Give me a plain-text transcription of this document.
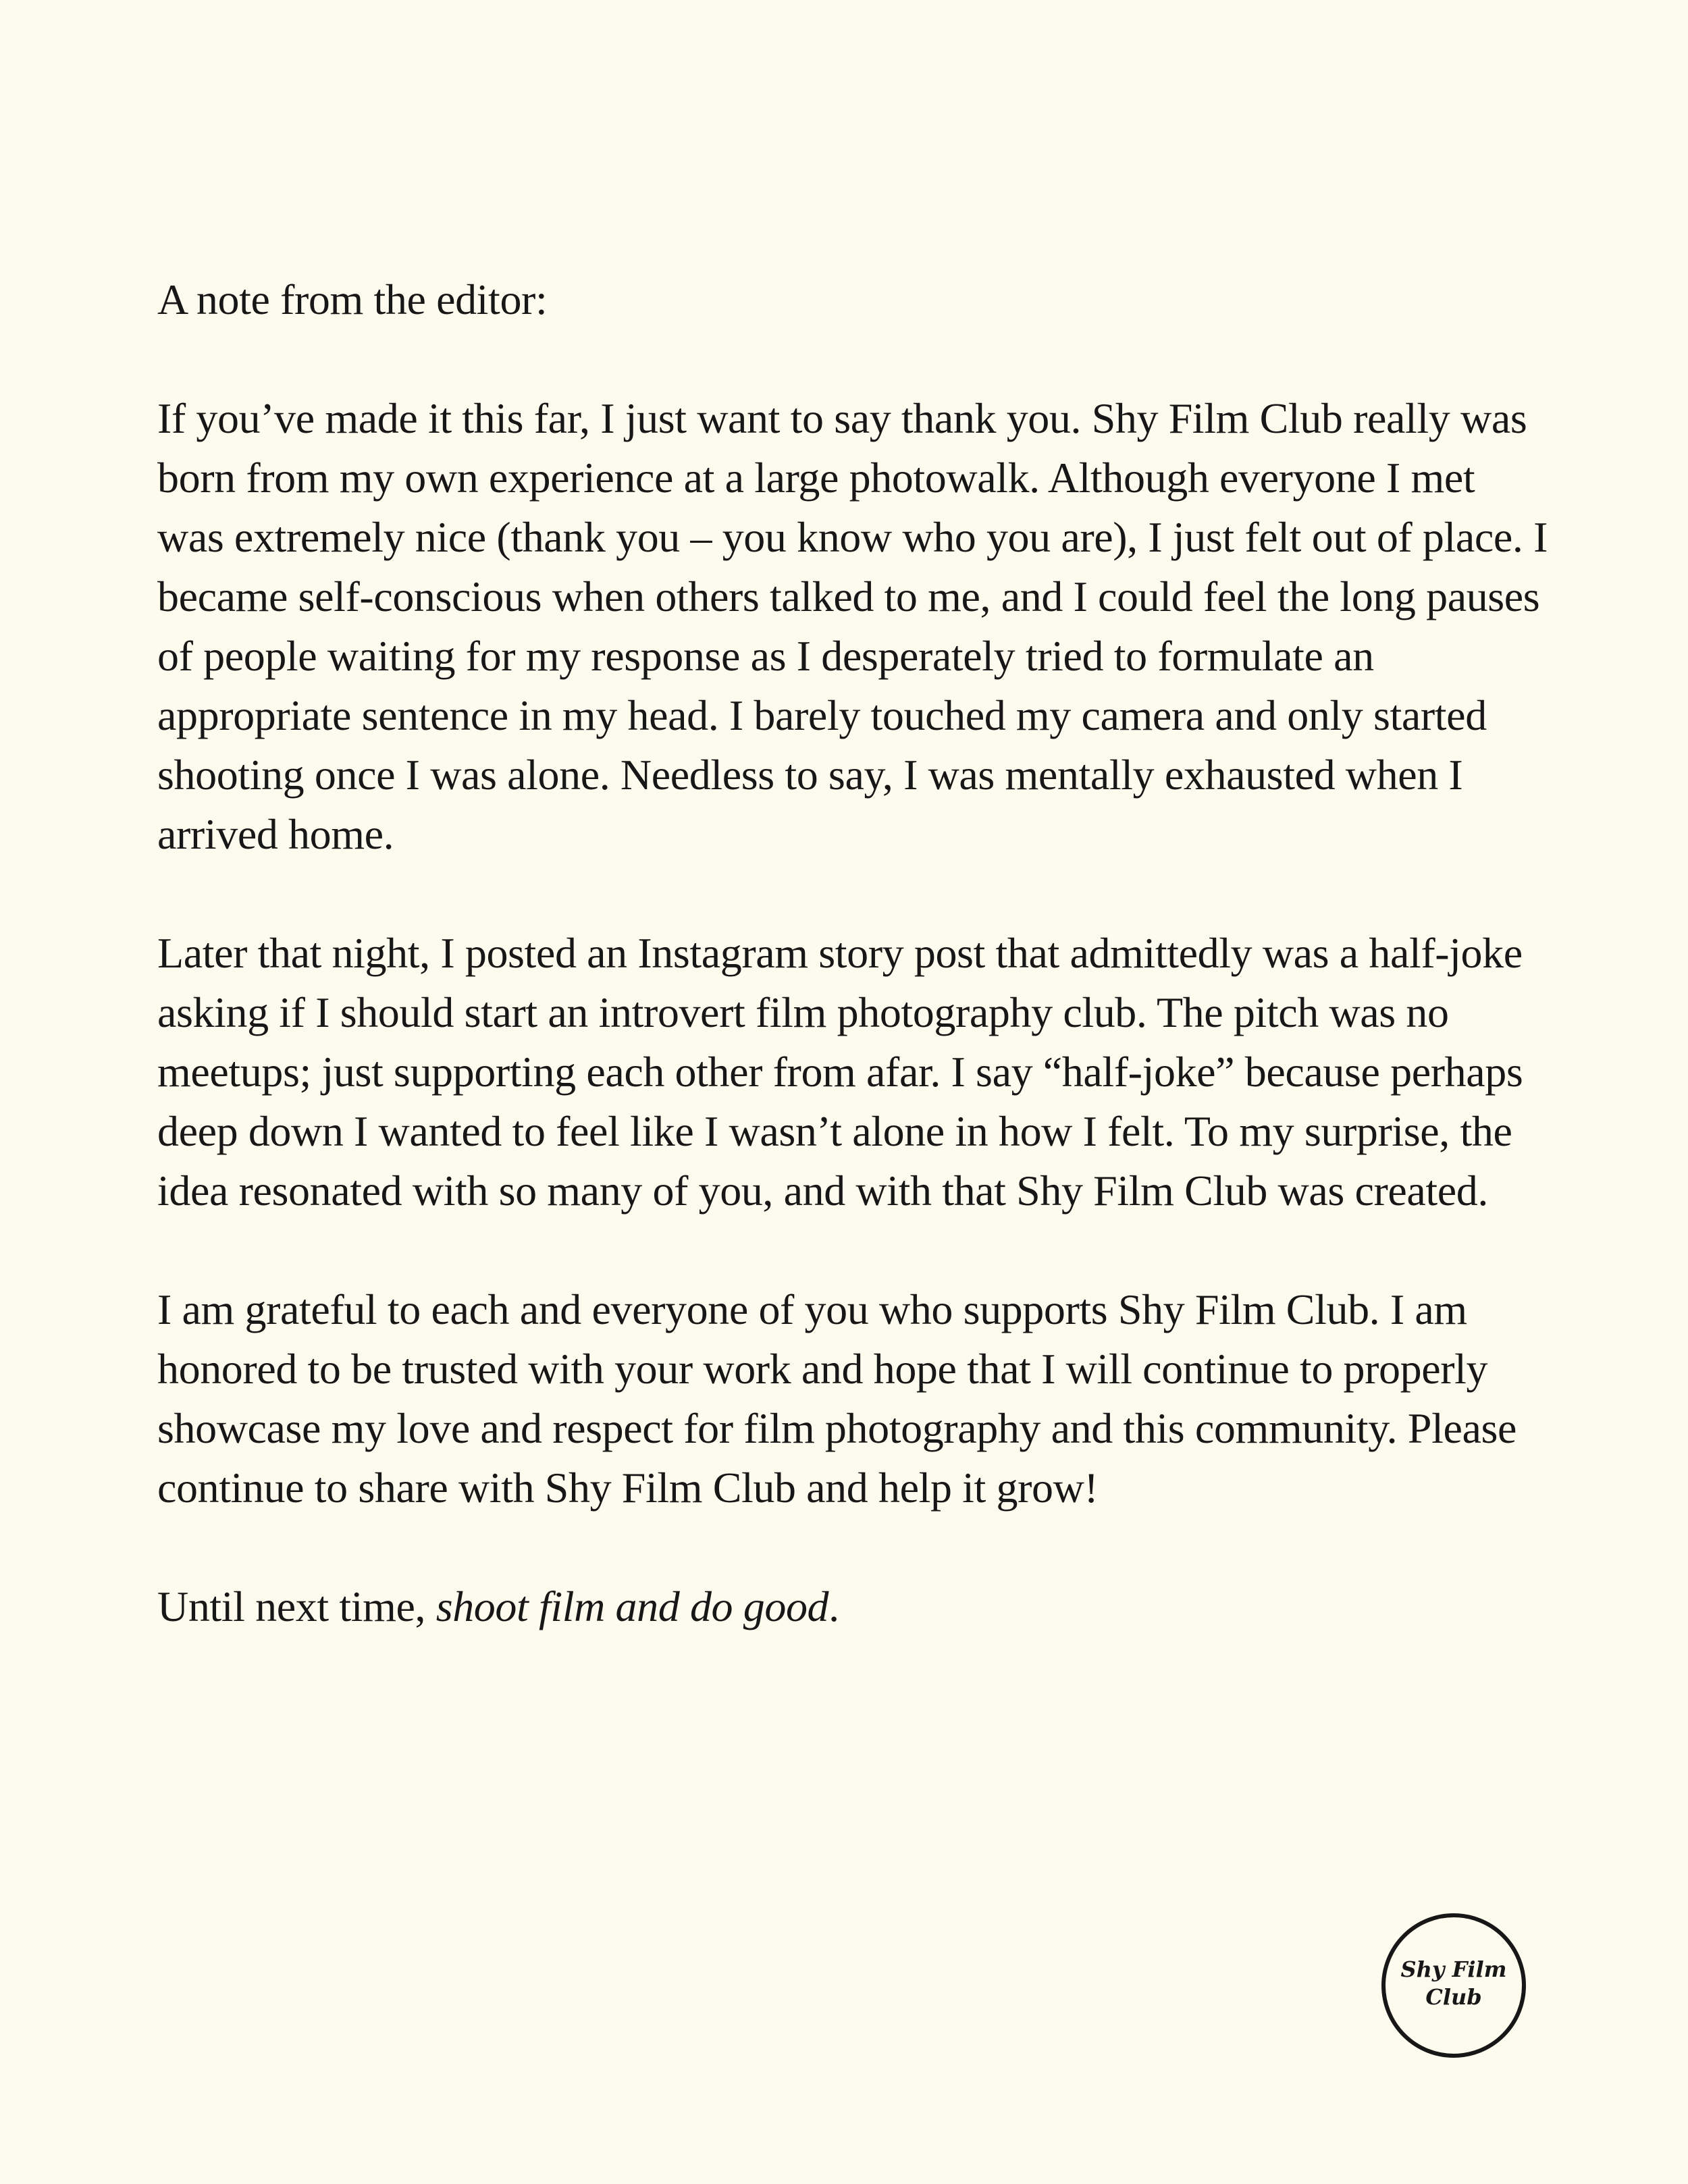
A note from the editor:

If you’ve made it this far, I just want to say thank you. Shy Film Club really was born from my own experience at a large photowalk. Although everyone I met was extremely nice (thank you – you know who you are), I just felt out of place. I became self-conscious when others talked to me, and I could feel the long pauses of people waiting for my response as I desperately tried to formulate an appropriate sentence in my head. I barely touched my camera and only started shooting once I was alone. Needless to say, I was mentally exhausted when I arrived home.

Later that night, I posted an Instagram story post that admittedly was a half-joke asking if I should start an introvert film photography club. The pitch was no meetups; just supporting each other from afar. I say “half-joke” because perhaps deep down I wanted to feel like I wasn’t alone in how I felt. To my surprise, the idea resonated with so many of you, and with that Shy Film Club was created.

I am grateful to each and everyone of you who supports Shy Film Club. I am honored to be trusted with your work and hope that I will continue to properly showcase my love and respect for film photography and this community. Please continue to share with Shy Film Club and help it grow!

Until next time, shoot film and do good.

Shy Film
Club
